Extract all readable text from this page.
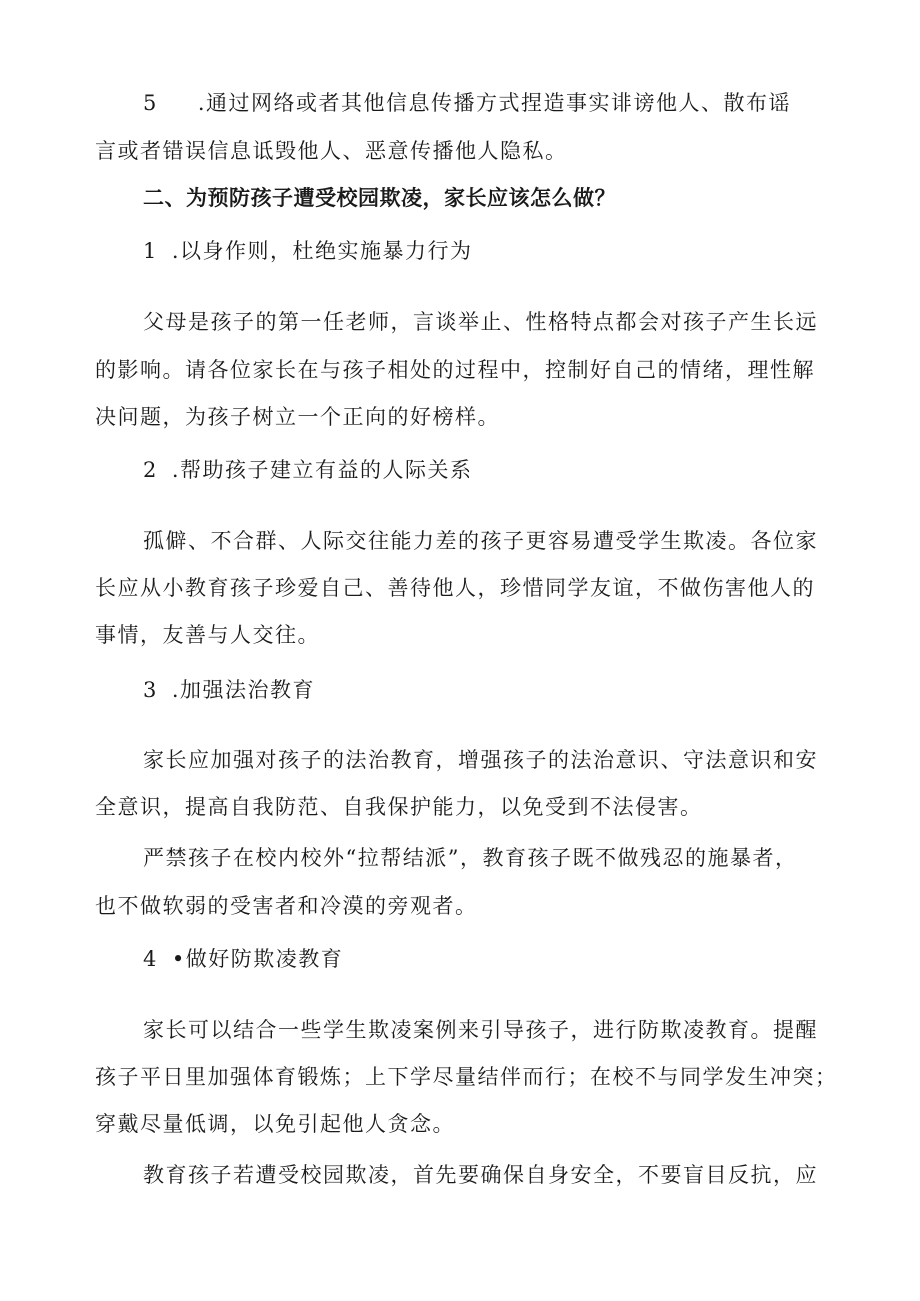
5 .通过网络或者其他信息传播方式捏造事实诽谤他人、散布谣
言或者错误信息诋毁他人、恶意传播他人隐私。
二、为预防孩子遭受校园欺凌，家长应该怎么做？
1 .以身作则，杜绝实施暴力行为
父母是孩子的第一任老师，言谈举止、性格特点都会对孩子产生长远
的影响。请各位家长在与孩子相处的过程中，控制好自己的情绪，理性解
决问题，为孩子树立一个正向的好榜样。
2 .帮助孩子建立有益的人际关系
孤僻、不合群、人际交往能力差的孩子更容易遭受学生欺凌。各位家
长应从小教育孩子珍爱自己、善待他人，珍惜同学友谊，不做伤害他人的
事情，友善与人交往。
3 .加强法治教育
家长应加强对孩子的法治教育，增强孩子的法治意识、守法意识和安
全意识，提高自我防范、自我保护能力，以免受到不法侵害。
严禁孩子在校内校外“拉帮结派”，教育孩子既不做残忍的施暴者，
也不做软弱的受害者和冷漠的旁观者。
4 •做好防欺凌教育
家长可以结合一些学生欺凌案例来引导孩子，进行防欺凌教育。提醒
孩子平日里加强体育锻炼；上下学尽量结伴而行；在校不与同学发生冲突；
穿戴尽量低调，以免引起他人贪念。
教育孩子若遭受校园欺凌，首先要确保自身安全，不要盲目反抗，应
